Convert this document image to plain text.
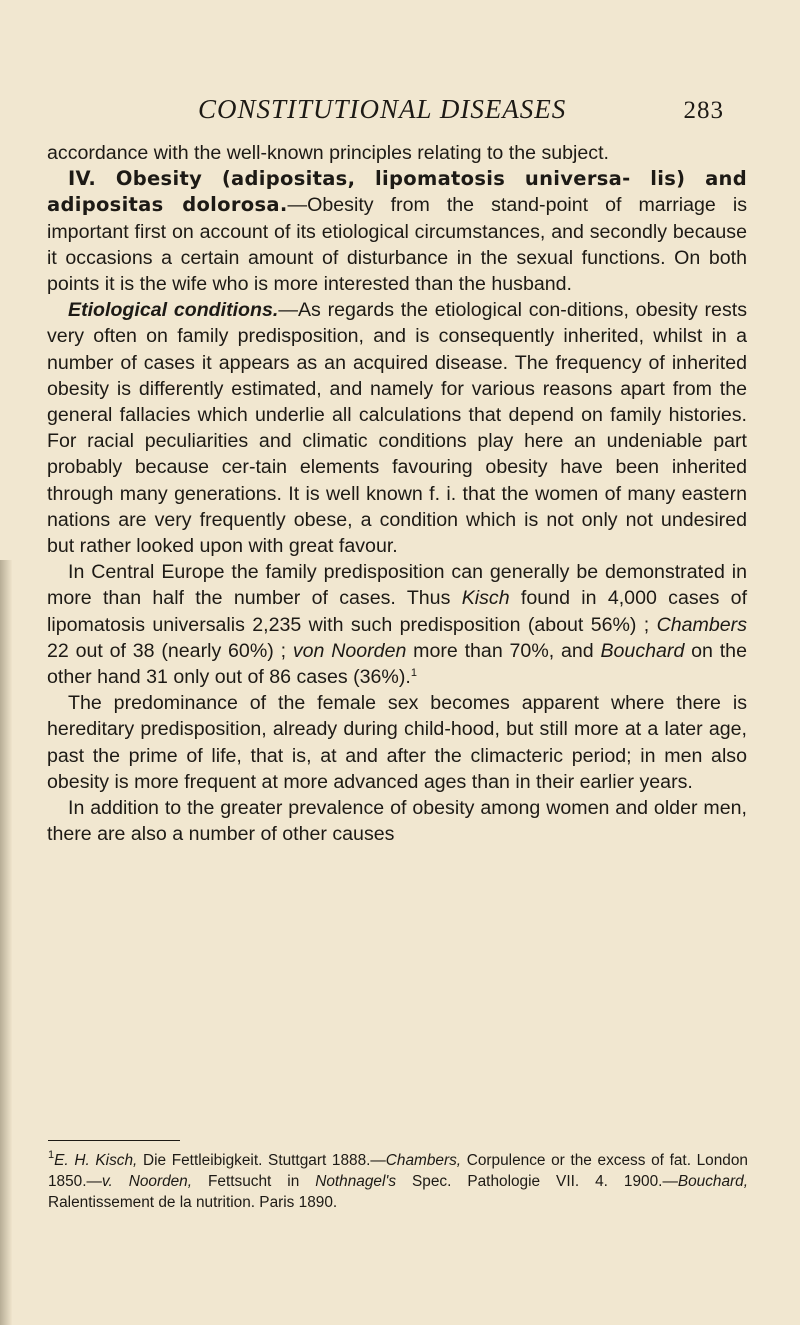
CONSTITUTIONAL DISEASES	283

accordance with the well-known principles relating to the subject.

IV. Obesity (adipositas, lipomatosis universa- lis) and adipositas dolorosa.—Obesity from the stand-point of marriage is important first on account of its etiological circumstances, and secondly because it occasions a certain amount of disturbance in the sexual functions. On both points it is the wife who is more interested than the husband.

Etiological conditions.—As regards the etiological con-ditions, obesity rests very often on family predisposition, and is consequently inherited, whilst in a number of cases it appears as an acquired disease. The frequency of inherited obesity is differently estimated, and namely for various reasons apart from the general fallacies which underlie all calculations that depend on family histories. For racial peculiarities and climatic conditions play here an undeniable part probably because cer-tain elements favouring obesity have been inherited through many generations. It is well known f. i. that the women of many eastern nations are very frequently obese, a condition which is not only not undesired but rather looked upon with great favour.

In Central Europe the family predisposition can generally be demonstrated in more than half the number of cases. Thus Kisch found in 4,000 cases of lipomatosis universalis 2,235 with such predisposition (about 56%) ; Chambers 22 out of 38 (nearly 60%) ; von Noorden more than 70%, and Bouchard on the other hand 31 only out of 86 cases (36%).$^1$

The predominance of the female sex becomes apparent where there is hereditary predisposition, already during child-hood, but still more at a later age, past the prime of life, that is, at and after the climacteric period; in men also obesity is more frequent at more advanced ages than in their earlier years.

In addition to the greater prevalence of obesity among women and older men, there are also a number of other causes

$^1$E. H. Kisch, Die Fettleibigkeit. Stuttgart 1888.—Chambers, Corpulence or the excess of fat. London 1850.—v. Noorden, Fettsucht in Nothnagel's Spec. Pathologie VII. 4. 1900.—Bouchard, Ralentissement de la nutrition. Paris 1890.
